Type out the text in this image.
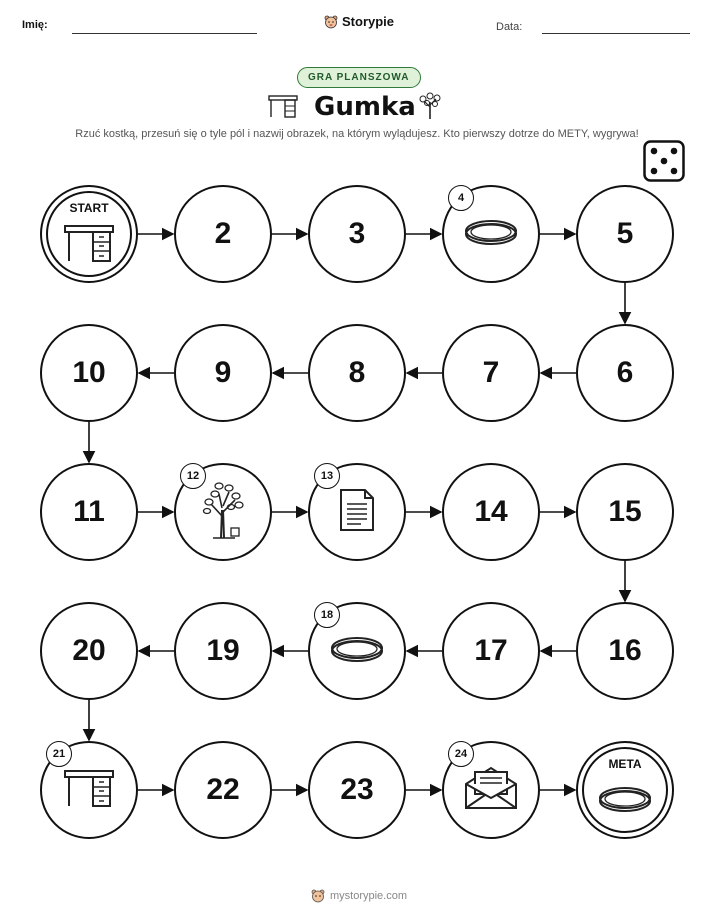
Imię:	Storypie	Data:
GRA PLANSZOWA
Gumka
Rzuć kostką, przesuń się o tyle pól i nazwij obrazek, na którym wylądujesz. Kto pierwszy dotrze do METY, wygrywa!
START
2	3
4
5
6
7
8
9
10
11
12	13
14	15
16
17
18
19
20
21
22	23
24
META
mystorypie.com
